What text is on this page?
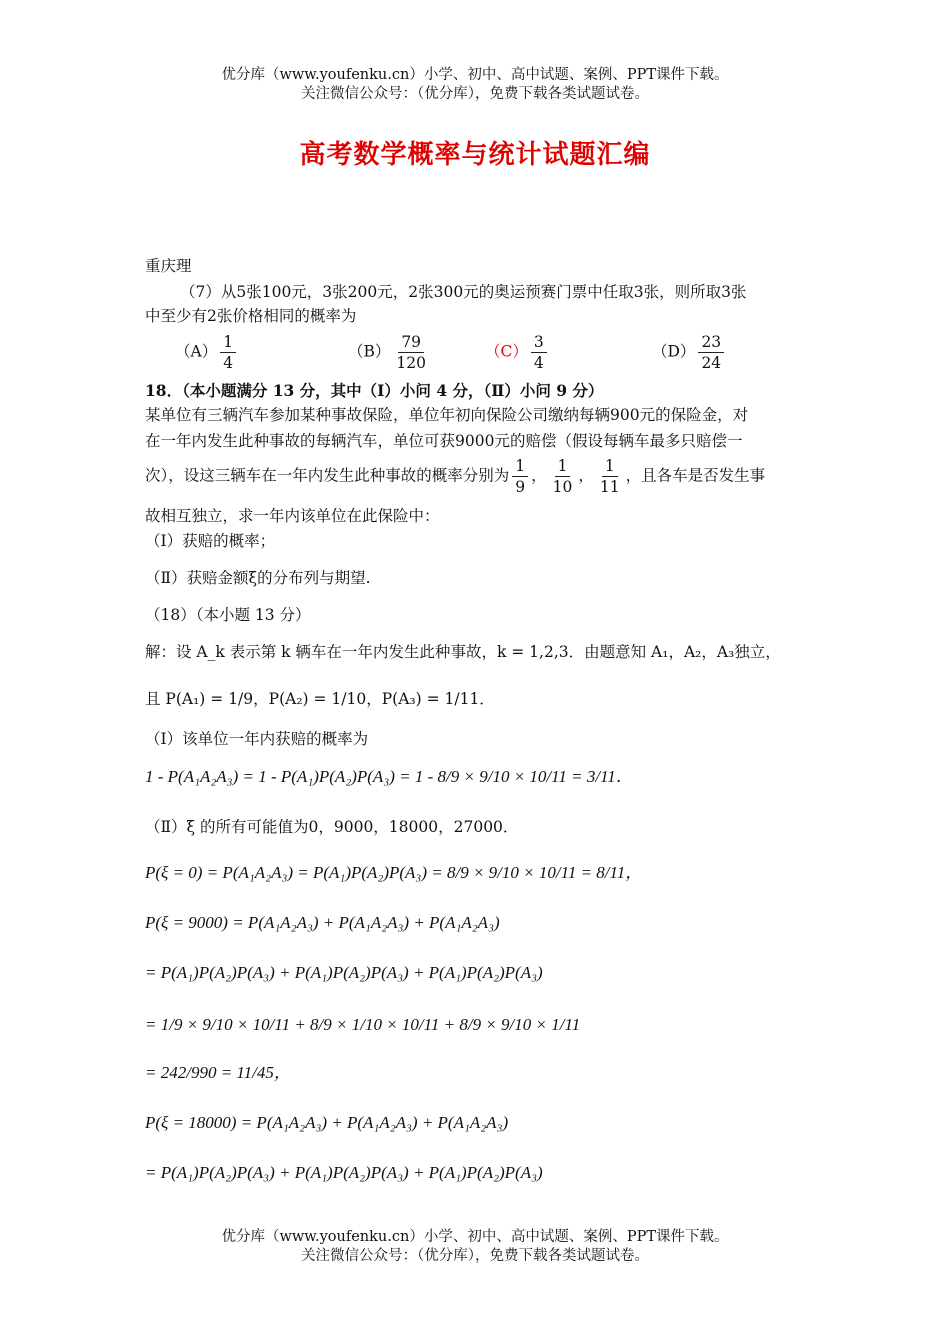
优分库（www.youfenku.cn）小学、初中、高中试题、案例、PPT课件下载。
关注微信公众号：（优分库），免费下载各类试题试卷。
高考数学概率与统计试题汇编
重庆理
（7）从5张100元，3张200元，2张300元的奥运预赛门票中任取3张，则所取3张
中至少有2张价格相同的概率为
$(A) \frac{1}{4}$	$(B) \frac{79}{120}$	$(C) \frac{3}{4}$	$(D) \frac{23}{24}$
18．（本小题满分 13 分，其中（Ⅰ）小问 4 分，（Ⅱ）小问 9 分）
某单位有三辆汽车参加某种事故保险，单位年初向保险公司缴纳每辆900元的保险金，对
在一年内发生此种事故的每辆汽车，单位可获9000元的赔偿（假设每辆车最多只赔偿一
次），设这三辆车在一年内发生此种事故的概率分别为 $\frac{1}{9}$ ， $\frac{1}{10}$ ， $\frac{1}{11}$ ，且各车是否发生事
故相互独立，求一年内该单位在此保险中：
（Ⅰ）获赔的概率；
（Ⅱ）获赔金额ξ的分布列与期望.
（18）（本小题 13 分）
解：设 A_k 表示第 k 辆车在一年内发生此种事故，k = 1,2,3．由题意知 A₁，A₂，A₃独立，
且 P(A₁) = 1/9，P(A₂) = 1/10，P(A₃) = 1/11．
（Ⅰ）该单位一年内获赔的概率为
1 - P(A₁A₂A₃) = 1 - P(A₁)P(A₂)P(A₃) = 1 - 8/9 × 9/10 × 10/11 = 3/11．
（Ⅱ）ξ 的所有可能值为0，9000，18000，27000．
P(ξ = 0) = P(A₁A₂A₃) = P(A₁)P(A₂)P(A₃) = 8/9 × 9/10 × 10/11 = 8/11，
P(ξ = 9000) = P(A₁A₂A₃) + P(A₁A₂A₃) + P(A₁A₂A₃)
= P(A₁)P(A₂)P(A₃) + P(A₁)P(A₂)P(A₃) + P(A₁)P(A₂)P(A₃)
= 1/9 × 9/10 × 10/11 + 8/9 × 1/10 × 10/11 + 8/9 × 9/10 × 1/11
= 242/990 = 11/45，
P(ξ = 18000) = P(A₁A₂A₃) + P(A₁A₂A₃) + P(A₁A₂A₃)
= P(A₁)P(A₂)P(A₃) + P(A₁)P(A₂)P(A₃) + P(A₁)P(A₂)P(A₃)
优分库（www.youfenku.cn）小学、初中、高中试题、案例、PPT课件下载。
关注微信公众号：（优分库），免费下载各类试题试卷。
